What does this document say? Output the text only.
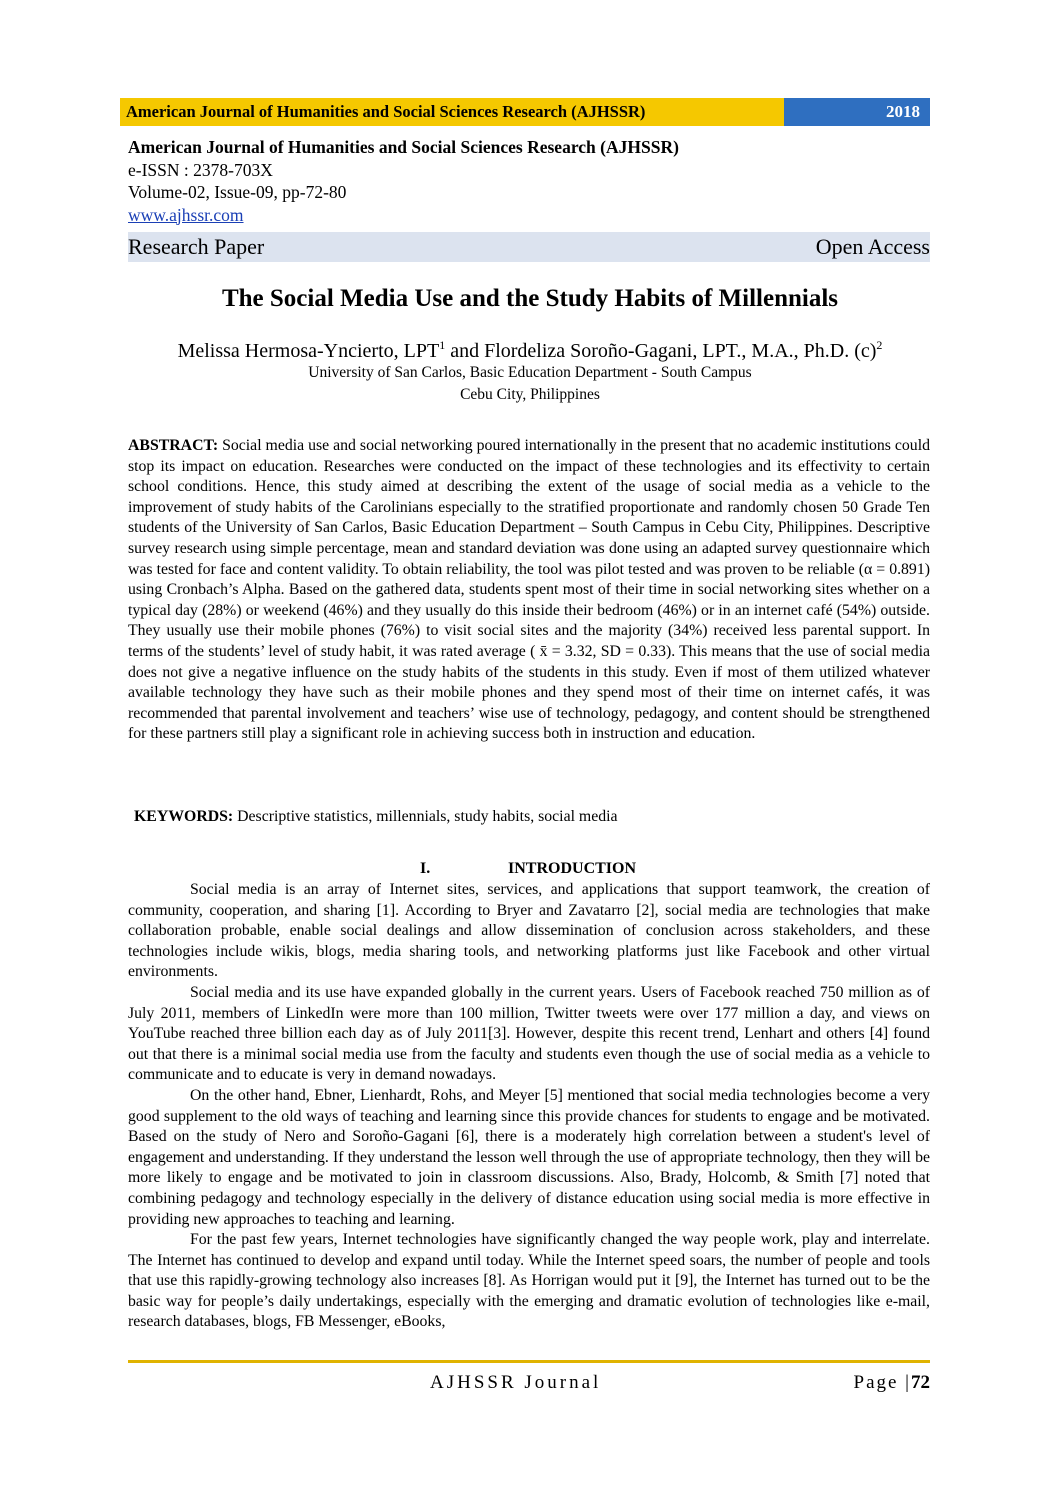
American Journal of Humanities and Social Sciences Research (AJHSSR)	2018
American Journal of Humanities and Social Sciences Research (AJHSSR)
e-ISSN : 2378-703X
Volume-02, Issue-09, pp-72-80
www.ajhssr.com
Research Paper	Open Access
The Social Media Use and the Study Habits of Millennials
Melissa Hermosa-Yncierto, LPT$^1$ and Flordeliza Soroño-Gagani, LPT., M.A., Ph.D. $(c)^2$
University of San Carlos, Basic Education Department - South Campus
Cebu City, Philippines

ABSTRACT: Social media use and social networking poured internationally in the present that no academic institutions could stop its impact on education. Researches were conducted on the impact of these technologies and its effectivity to certain school conditions. Hence, this study aimed at describing the extent of the usage of social media as a vehicle to the improvement of study habits of the Carolinians especially to the stratified proportionate and randomly chosen 50 Grade Ten students of the University of San Carlos, Basic Education Department – South Campus in Cebu City, Philippines. Descriptive survey research using simple percentage, mean and standard deviation was done using an adapted survey questionnaire which was tested for face and content validity. To obtain reliability, the tool was pilot tested and was proven to be reliable (α = 0.891) using Cronbach’s Alpha. Based on the gathered data, students spent most of their time in social networking sites whether on a typical day (28%) or weekend (46%) and they usually do this inside their bedroom (46%) or in an internet café (54%) outside. They usually use their mobile phones (76%) to visit social sites and the majority (34%) received less parental support. In terms of the students’ level of study habit, it was rated average ( x̄ = 3.32, SD = 0.33). This means that the use of social media does not give a negative influence on the study habits of the students in this study. Even if most of them utilized whatever available technology they have such as their mobile phones and they spend most of their time on internet cafés, it was recommended that parental involvement and teachers’ wise use of technology, pedagogy, and content should be strengthened for these partners still play a significant role in achieving success both in instruction and education.

KEYWORDS: Descriptive statistics, millennials, study habits, social media

I.	INTRODUCTION

Social media is an array of Internet sites, services, and applications that support teamwork, the creation of community, cooperation, and sharing [1]. According to Bryer and Zavatarro [2], social media are technologies that make collaboration probable, enable social dealings and allow dissemination of conclusion across stakeholders, and these technologies include wikis, blogs, media sharing tools, and networking platforms just like Facebook and other virtual environments.

Social media and its use have expanded globally in the current years. Users of Facebook reached 750 million as of July 2011, members of LinkedIn were more than 100 million, Twitter tweets were over 177 million a day, and views on YouTube reached three billion each day as of July 2011[3]. However, despite this recent trend, Lenhart and others [4] found out that there is a minimal social media use from the faculty and students even though the use of social media as a vehicle to communicate and to educate is very in demand nowadays.

On the other hand, Ebner, Lienhardt, Rohs, and Meyer [5] mentioned that social media technologies become a very good supplement to the old ways of teaching and learning since this provide chances for students to engage and be motivated. Based on the study of Nero and Soroño-Gagani [6], there is a moderately high correlation between a student's level of engagement and understanding. If they understand the lesson well through the use of appropriate technology, then they will be more likely to engage and be motivated to join in classroom discussions. Also, Brady, Holcomb, & Smith [7] noted that combining pedagogy and technology especially in the delivery of distance education using social media is more effective in providing new approaches to teaching and learning.

For the past few years, Internet technologies have significantly changed the way people work, play and interrelate. The Internet has continued to develop and expand until today. While the Internet speed soars, the number of people and tools that use this rapidly-growing technology also increases [8]. As Horrigan would put it [9], the Internet has turned out to be the basic way for people’s daily undertakings, especially with the emerging and dramatic evolution of technologies like e-mail, research databases, blogs, FB Messenger, eBooks,

AJHSSR Journal	Page |72
